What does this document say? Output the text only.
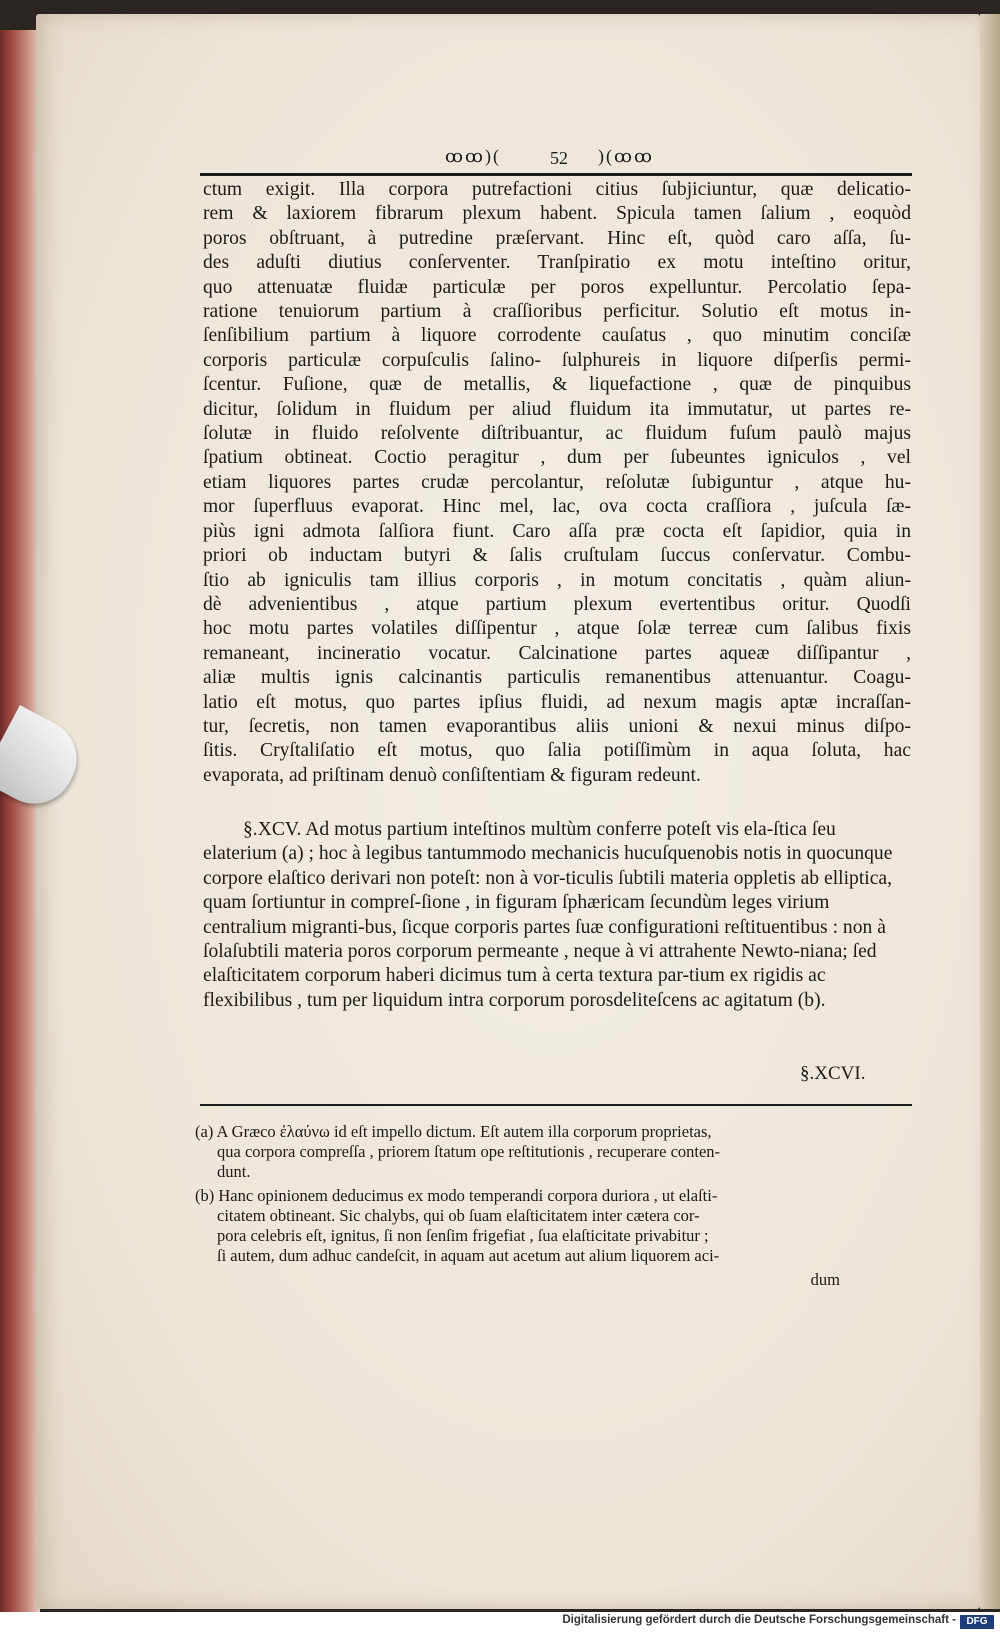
ꝏꝏ)(	52 )(ꝏꝏ
ctum exigit. Illa corpora putrefactioni citius ſubjiciuntur, quæ delicatio-
rem & laxiorem fibrarum plexum habent. Spicula tamen ſalium , eoquòd
poros obſtruant, à putredine præſervant. Hinc eſt, quòd caro aſſa, ſu-
des aduſti diutius conſerventer. Tranſpiratio ex motu inteſtino oritur,
quo attenuatæ fluidæ particulæ per poros expelluntur. Percolatio ſepa-
ratione tenuiorum partium à craſſioribus perficitur. Solutio eſt motus in-
ſenſibilium partium à liquore corrodente cauſatus , quo minutim conciſæ
corporis particulæ corpuſculis ſalino- ſulphureis in liquore diſperſis permi-
ſcentur. Fuſione, quæ de metallis, & liquefactione , quæ de pinquibus
dicitur, ſolidum in fluidum per aliud fluidum ita immutatur, ut partes re-
ſolutæ in fluido reſolvente diſtribuantur, ac fluidum fuſum paulò majus
ſpatium obtineat. Coctio peragitur , dum per ſubeuntes igniculos , vel
etiam liquores partes crudæ percolantur, reſolutæ ſubiguntur , atque hu-
mor ſuperfluus evaporat. Hinc mel, lac, ova cocta craſſiora , juſcula ſæ-
piùs igni admota ſalſiora fiunt. Caro aſſa præ cocta eſt ſapidior, quia in
priori ob inductam butyri & ſalis cruſtulam ſuccus conſervatur. Combu-
ſtio ab igniculis tam illius corporis , in motum concitatis , quàm aliun-
dè advenientibus , atque partium plexum evertentibus oritur. Quodſi
hoc motu partes volatiles diſſipentur , atque ſolæ terreæ cum ſalibus fixis
remaneant, incineratio vocatur. Calcinatione partes aqueæ diſſipantur ,
aliæ multis ignis calcinantis particulis remanentibus attenuantur. Coagu-
latio eſt motus, quo partes ipſius fluidi, ad nexum magis aptæ incraſſan-
tur, ſecretis, non tamen evaporantibus aliis unioni & nexui minus diſpo-
ſitis. Cryſtaliſatio eſt motus, quo ſalia potiſſimùm in aqua ſoluta, hac
evaporata, ad priſtinam denuò conſiſtentiam & figuram redeunt.
§.XCV. Ad motus partium inteſtinos multùm conferre poteſt vis ela-ſtica ſeu elaterium (a) ; hoc à legibus tantummodo mechanicis hucuſquenobis notis in quocunque corpore elaſtico derivari non poteſt: non à vor-ticulis ſubtili materia oppletis ab elliptica, quam ſortiuntur in compreſ-ſione , in figuram ſphæricam ſecundùm leges virium centralium migranti-bus, ſicque corporis partes ſuæ configurationi reſtituentibus : non à ſolaſubtili materia poros corporum permeante , neque à vi attrahente Newto-niana; ſed elaſticitatem corporum haberi dicimus tum à certa textura par-tium ex rigidis ac flexibilibus , tum per liquidum intra corporum porosdeliteſcens ac agitatum (b).
§.XCVI.
(a) A Græco ἐλαύνω id eſt impello dictum. Eſt autem illa corporum proprietas,
qua corpora compreſſa , priorem ſtatum ope reſtitutionis , recuperare conten-
dunt.
(b) Hanc opinionem deducimus ex modo temperandi corpora duriora , ut elaſti-
citatem obtineant. Sic chalybs, qui ob ſuam elaſticitatem inter cætera cor-
pora celebris eſt, ignitus, ſi non ſenſim frigefiat , ſua elaſticitate privabitur ;
ſi autem, dum adhuc candeſcit, in aquam aut acetum aut alium liquorem aci-
dum
Digitalisierung gefördert durch die Deutsche Forschungsgemeinschaft -	DFG
